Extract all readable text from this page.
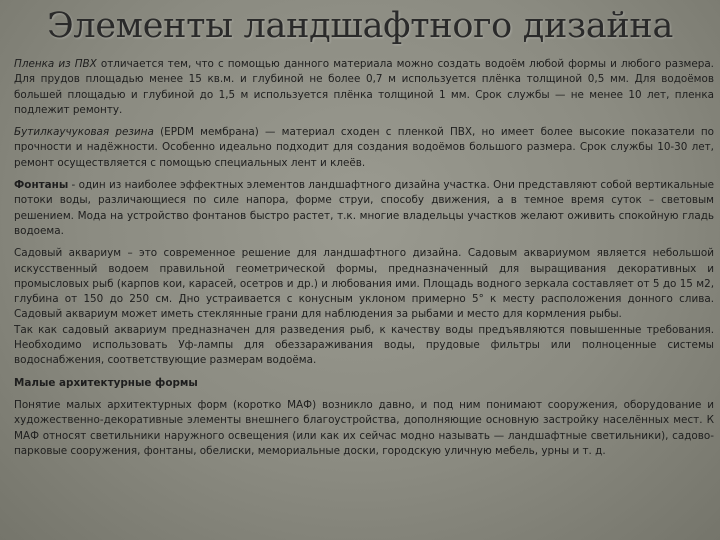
Элементы ландшафтного дизайна

Пленка из ПВХ отличается тем, что с помощью данного материала можно создать водоём любой формы и любого размера. Для прудов площадью менее 15 кв.м. и глубиной не более 0,7 м используется плёнка толщиной 0,5 мм. Для водоёмов большей площадью и глубиной до 1,5 м используется плёнка толщиной 1 мм. Срок службы — не менее 10 лет, пленка подлежит ремонту.

Бутилкаучуковая резина (EPDM мембрана) — материал сходен с пленкой ПВХ, но имеет более высокие показатели по прочности и надёжности. Особенно идеально подходит для создания водоёмов большого размера. Срок службы 10-30 лет, ремонт осуществляется с помощью специальных лент и клеёв.

Фонтаны - один из наиболее эффектных элементов ландшафтного дизайна участка. Они представляют собой вертикальные потоки воды, различающиеся по силе напора, форме струи, способу движения, а в темное время суток – световым решением. Мода на устройство фонтанов быстро растет, т.к. многие владельцы участков желают оживить спокойную гладь водоема.

Садовый аквариум – это современное решение для ландшафтного дизайна. Садовым аквариумом является небольшой искусственный водоем правильной геометрической формы, предназначенный для выращивания декоративных и промысловых рыб (карпов кои, карасей, осетров и др.) и любования ими. Площадь водного зеркала составляет от 5 до 15 м2, глубина от 150 до 250 см. Дно устраивается с конусным уклоном примерно 5° к месту расположения донного слива. Садовый аквариум может иметь стеклянные грани для наблюдения за рыбами и место для кормления рыбы.

Так как садовый аквариум предназначен для разведения рыб, к качеству воды предъявляются повышенные требования. Необходимо использовать Уф-лампы для обеззараживания воды, прудовые фильтры или полноценные системы водоснабжения, соответствующие размерам водоёма.

Малые архитектурные формы

Понятие малых архитектурных форм (коротко МАФ) возникло давно, и под ним понимают сооружения, оборудование и художественно-декоративные элементы внешнего благоустройства, дополняющие основную застройку населённых мест. К МАФ относят светильники наружного освещения (или как их сейчас модно называть — ландшафтные светильники), садово-парковые сооружения, фонтаны, обелиски, мемориальные доски, городскую уличную мебель, урны и т. д.
